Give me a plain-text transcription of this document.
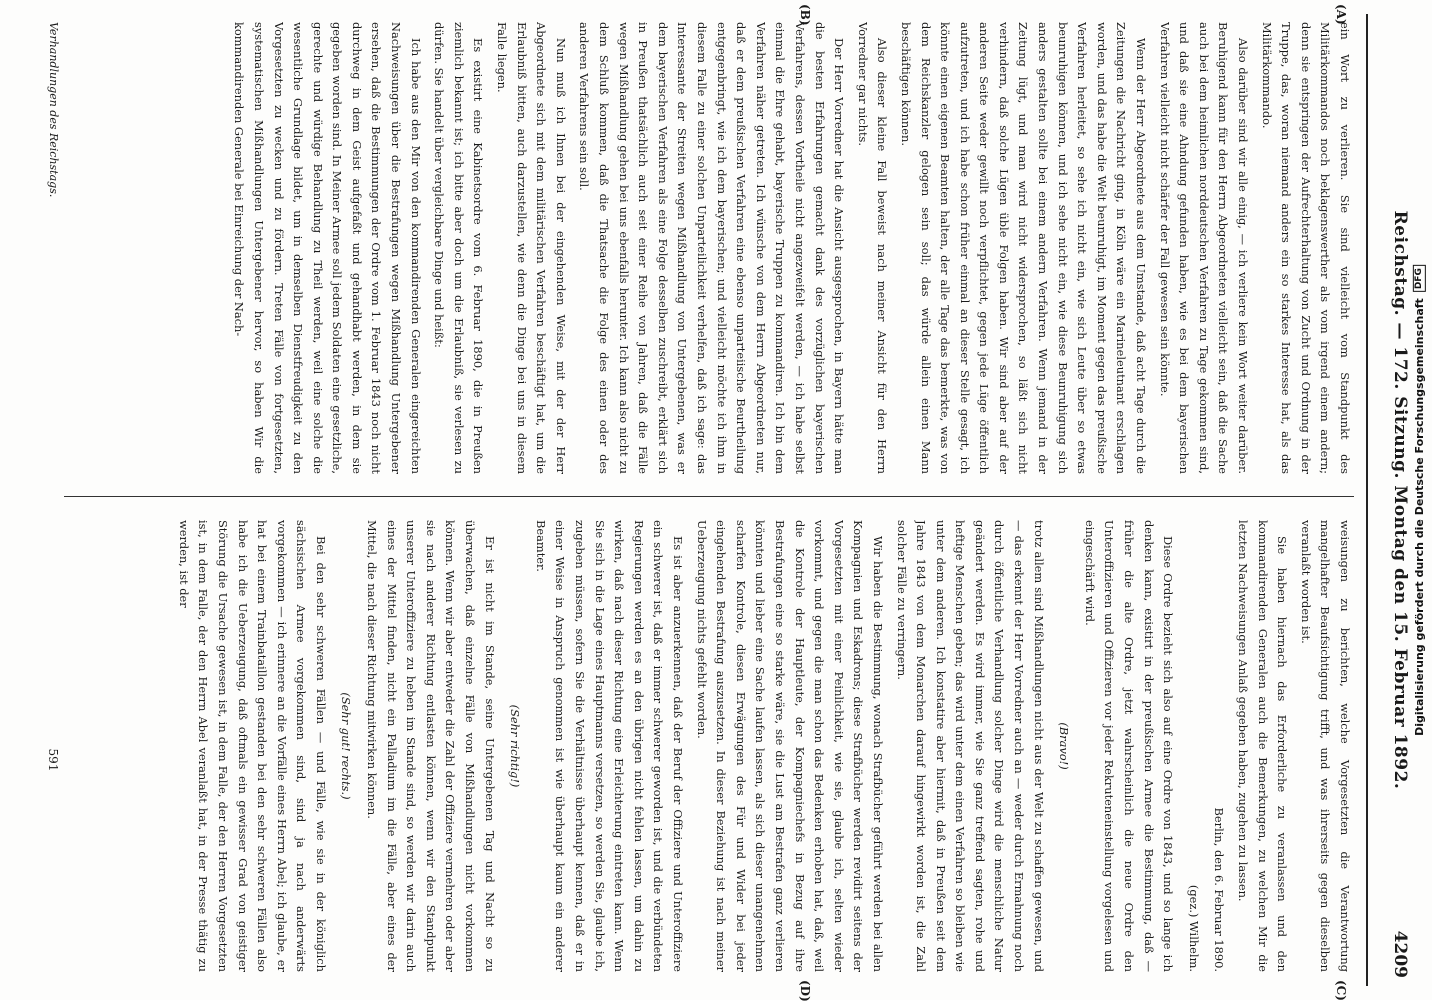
Reichstag. — 172. Sitzung. Montag den 15. Februar 1892.
4209
(A)
(B)
(C)
(D)

ein Wort zu verlieren. Sie sind vielleicht vom Standpunkt des Militärkommandos noch beklagenswerther als vom irgend einem andern; denn sie entspringen der Aufrechterhaltung von Zucht und Ordnung in der Truppe, das, woran niemand anders ein so starkes Interesse hat, als das Militärkommando.

Also darüber sind wir alle einig, — ich verliere kein Wort weiter darüber. Beruhigend kann für den Herrn Abgeordneten vielleicht sein, daß die Sache auch bei dem heimlichen norddeutschen Verfahren zu Tage gekommen sind, und daß sie eine Ahndung gefunden haben, wie es bei dem bayerischen Verfahren vielleicht nicht schärfer der Fall gewesen sein könnte.

Wenn der Herr Abgeordnete aus dem Umstande, daß acht Tage durch die Zeitungen die Nachricht ging, in Köln wäre ein Marineleutnant erschlagen worden, und das habe die Welt beunruhigt, im Moment gegen das preußische Verfahren herleitet, so sehe ich nicht ein, wie sich Leute über so etwas beunruhigen können, und ich sehe nicht ein, wie diese Beunruhigung sich anders gestalten sollte bei einem andern Verfahren. Wenn jemand in der Zeitung lügt, und man wird nicht widersprochen, so läßt sich nicht verhindern, daß solche Lügen üble Folgen haben. Wir sind aber auf der anderen Seite weder gewillt noch verpflichtet, gegen jede Lüge öffentlich aufzutreten, und ich habe schon früher einmal an dieser Stelle gesagt, ich könnte einen eigenen Beamten halten, der alle Tage das bemerkte, was von dem Reichskanzler gelogen sein soll; das würde allein einen Mann beschäftigen können.

Also dieser kleine Fall beweist nach meiner Ansicht für den Herrn Vorredner gar nichts.

Der Herr Vorredner hat die Ansicht ausgesprochen, in Bayern hätte man die besten Erfahrungen gemacht dank des vorzüglichen bayerischen Verfahrens, dessen Vortheile nicht angezweifelt werden, — ich habe selbst einmal die Ehre gehabt, bayerische Truppen zu kommandiren. Ich bin dem Verfahren näher getreten. Ich wünsche von dem Herrn Abgeordneten nur, daß er dem preußischen Verfahren eine ebenso unparteiische Beurtheilung entgegenbringt, wie ich dem bayerischen; und vielleicht möchte ich ihm in diesem Falle zu einer solchen Unparteilichkeit verhelfen, daß ich sage: das Interessante der Streiten wegen Mißhandlung von Untergebenen, was er dem bayerischen Verfahren als eine Folge desselben zuschreibt, erklärt sich in Preußen thatsächlich auch seit einer Reihe von Jahren, daß die Fälle wegen Mißhandlung gehen bei uns ebenfalls herunter. Ich kann also nicht zu dem Schluß kommen, daß die Thatsache die Folge des einen oder des anderen Verfahrens sein soll.

Nun muß ich Ihnen bei der eingehenden Weise, mit der der Herr Abgeordnete sich mit dem militärischen Verfahren beschäftigt hat, um die Erlaubniß bitten, auch darzustellen, wie denn die Dinge bei uns in diesem Falle liegen.

Es existirt eine Kabinetsordre vom 6. Februar 1890, die in Preußen ziemlich bekannt ist; ich bitte aber doch um die Erlaubniß, sie verlesen zu dürfen. Sie handelt über vergleichbare Dinge und heißt:

Ich habe aus den Mir von den kommandirenden Generalen eingereichten Nachweisungen über die Bestrafungen wegen Mißhandlung Untergebener ersehen, daß die Bestimmungen der Ordre vom 1. Februar 1843 noch nicht durchweg in dem Geist aufgefaßt und gehandhabt werden, in dem sie gegeben worden sind. In Meiner Armee soll jedem Soldaten eine gesetzliche, gerechte und würdige Behandlung zu Theil werden, weil eine solche die wesentliche Grundlage bildet, um in demselben Dienstfreudigkeit zu den Vorgesetzten zu wecken und zu fördern. Treten Fälle von fortgesetzten, systematischen Mißhandlungen Untergebener hervor, so haben Wir die kommandirenden Generale bei Einreichung der Nach-

weisungen zu berichten, welche Vorgesetzten die Verantwortung mangelhafter Beaufsichtigung trifft, und was ihrerseits gegen dieselben veranlaßt worden ist.

Sie haben hiernach das Erforderliche zu veranlassen und den kommandirenden Generalen auch die Bemerkungen, zu welchen Mir die letzten Nachweisungen Anlaß gegeben haben, zugehen zu lassen.

Berlin, den 6. Februar 1890.

(gez.) Wilhelm.

Diese Ordre bezieht sich also auf eine Ordre von 1843, und so lange ich denken kann, existirt in der preußischen Armee die Bestimmung, daß — früher die alte Ordre, jetzt wahrscheinlich die neue Ordre den Unteroffizieren und Offizieren vor jeder Rekruteneinstellung vorgelesen und eingeschärft wird.

(Bravo!)

trotz allem sind Mißhandlungen nicht aus der Welt zu schaffen gewesen, und — das erkennt der Herr Vorredner auch an — weder durch Ermahnung noch durch öffentliche Verhandlung solcher Dinge wird die menschliche Natur geändert werden. Es wird immer, wie Sie ganz treffend sagten, rohe und heftige Menschen geben; das wird unter dem einen Verfahren so bleiben wie unter dem anderen. Ich konstatire aber hiermit, daß in Preußen seit dem Jahre 1843 von dem Monarchen darauf hingewirkt worden ist, die Zahl solcher Fälle zu verringern.

Wir haben die Bestimmung, wonach Strafbücher geführt werden bei allen Kompagnien und Eskadrons; diese Strafbücher werden revidirt seitens der Vorgesetzten mit einer Peinlichkeit, wie sie, glaube ich, selten wieder vorkommt, und gegen die man schon das Bedenken erhoben hat, daß, weil die Kontrole der Hauptleute, der Kompagniechefs in Bezug auf ihre Bestrafungen eine so starke wäre, sie die Lust am Bestrafen ganz verlieren könnten und lieber eine Sache laufen lassen, als sich dieser unangenehmen scharfen Kontrole, diesen Erwägungen des Für und Wider bei jeder eingehenden Bestrafung auszusetzen. In dieser Beziehung ist nach meiner Ueberzeugung nichts gefehlt worden.

Es ist aber anzuerkennen, daß der Beruf der Offiziere und Unteroffiziere ein schwerer ist, daß er immer schwerer geworden ist, und die verbündeten Regierungen werden es an den übrigen nicht fehlen lassen, um dahin zu wirken, daß nach dieser Richtung eine Erleichterung eintreten kann. Wenn Sie sich in die Lage eines Hauptmanns versetzen, so werden Sie, glaube ich, zugeben müssen, sofern Sie die Verhältnisse überhaupt kennen, daß er in einer Weise in Anspruch genommen ist wie überhaupt kaum ein anderer Beamter.

(Sehr richtig!)

Er ist nicht im Stande, seine Untergebenen Tag und Nacht so zu überwachen, daß einzelne Fälle von Mißhandlungen nicht vorkommen können. Wenn wir aber entweder die Zahl der Offiziere vermehren oder aber sie nach anderer Richtung entlasten können, wenn wir den Standpunkt unserer Unteroffiziere zu heben im Stande sind, so werden wir darin auch eines der Mittel finden, nicht ein Palladium im die Fälle, aber eines der Mittel, die nach dieser Richtung mitwirken können.

(Sehr gut! rechts.)

Bei den sehr schweren Fällen — und Fälle, wie sie in der königlich sächsischen Armee vorgekommen sind, sind ja nach anderwärts vorgekommen — ich erinnere an die Vorfälle eines Herrn Abel; ich glaube, er hat bei einem Trainbataillon gestanden bei den sehr schweren Fällen also habe ich die Ueberzeugung, daß oftmals ein gewisser Grad von geistiger Störung die Ursache gewesen ist, in dem Falle, der den Herren Vorgesetzten ist, in dem Falle, der den Herrn Abel veranlaßt hat, in der Presse thätig zu werden, ist der

Verhandlungen des Reichstags.
591
Digitalisierung gefördert durch die Deutsche Forschungsgemeinschaft
DFG
